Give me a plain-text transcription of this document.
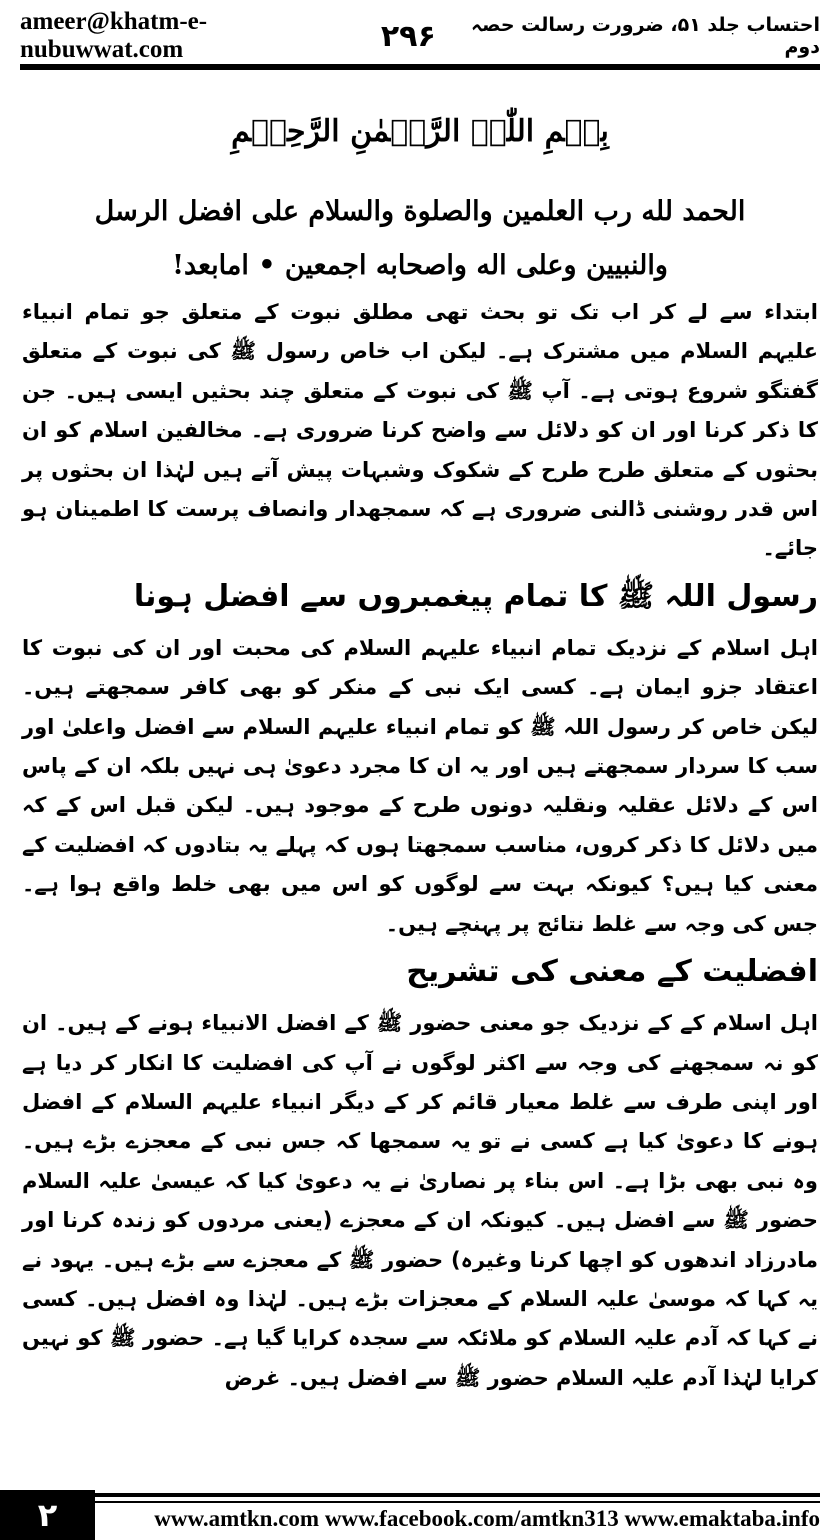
ameer@khatm-e-nubuwwat.com	۲۹۶	احتساب جلد ۵۱، ضرورت رسالت حصہ دوم
بِسۡمِ اللّٰہِ الرَّحۡمٰنِ الرَّحِیۡمِ
الحمد لله رب العلمين والصلوة والسلام على افضل الرسل
والنبيين وعلى اله واصحابه اجمعين • امابعد!

ابتداء سے لے کر اب تک تو بحث تھی مطلق نبوت کے متعلق جو تمام انبیاء علیہم السلام میں مشترک ہے۔ لیکن اب خاص رسول ﷺ کی نبوت کے متعلق گفتگو شروع ہوتی ہے۔ آپ ﷺ کی نبوت کے متعلق چند بحثیں ایسی ہیں۔ جن کا ذکر کرنا اور ان کو دلائل سے واضح کرنا ضروری ہے۔ مخالفین اسلام کو ان بحثوں کے متعلق طرح طرح کے شکوک وشبہات پیش آتے ہیں لہٰذا ان بحثوں پر اس قدر روشنی ڈالنی ضروری ہے کہ سمجھدار وانصاف پرست کا اطمینان ہو جائے۔

رسول اللہ ﷺ کا تمام پیغمبروں سے افضل ہونا

اہل اسلام کے نزدیک تمام انبیاء علیہم السلام کی محبت اور ان کی نبوت کا اعتقاد جزو ایمان ہے۔ کسی ایک نبی کے منکر کو بھی کافر سمجھتے ہیں۔ لیکن خاص کر رسول اللہ ﷺ کو تمام انبیاء علیہم السلام سے افضل واعلیٰ اور سب کا سردار سمجھتے ہیں اور یہ ان کا مجرد دعویٰ ہی نہیں بلکہ ان کے پاس اس کے دلائل عقلیہ ونقلیہ دونوں طرح کے موجود ہیں۔ لیکن قبل اس کے کہ میں دلائل کا ذکر کروں، مناسب سمجھتا ہوں کہ پہلے یہ بتادوں کہ افضلیت کے معنی کیا ہیں؟ کیونکہ بہت سے لوگوں کو اس میں بھی خلط واقع ہوا ہے۔ جس کی وجہ سے غلط نتائج پر پہنچے ہیں۔

افضلیت کے معنی کی تشریح

اہل اسلام کے کے نزدیک جو معنی حضور ﷺ کے افضل الانبیاء ہونے کے ہیں۔ ان کو نہ سمجھنے کی وجہ سے اکثر لوگوں نے آپ کی افضلیت کا انکار کر دیا ہے اور اپنی طرف سے غلط معیار قائم کر کے دیگر انبیاء علیہم السلام کے افضل ہونے کا دعویٰ کیا ہے کسی نے تو یہ سمجھا کہ جس نبی کے معجزے بڑے ہیں۔ وہ نبی بھی بڑا ہے۔ اس بناء پر نصاریٰ نے یہ دعویٰ کیا کہ عیسیٰ علیہ السلام حضور ﷺ سے افضل ہیں۔ کیونکہ ان کے معجزے (یعنی مردوں کو زندہ کرنا اور مادرزاد اندھوں کو اچھا کرنا وغیرہ) حضور ﷺ کے معجزے سے بڑے ہیں۔ یہود نے یہ کہا کہ موسیٰ علیہ السلام کے معجزات بڑے ہیں۔ لہٰذا وہ افضل ہیں۔ کسی نے کہا کہ آدم علیہ السلام کو ملائکہ سے سجدہ کرایا گیا ہے۔ حضور ﷺ کو نہیں کرایا لہٰذا آدم علیہ السلام حضور ﷺ سے افضل ہیں۔ غرض

۲	www.amtkn.com www.facebook.com/amtkn313 www.emaktaba.info
